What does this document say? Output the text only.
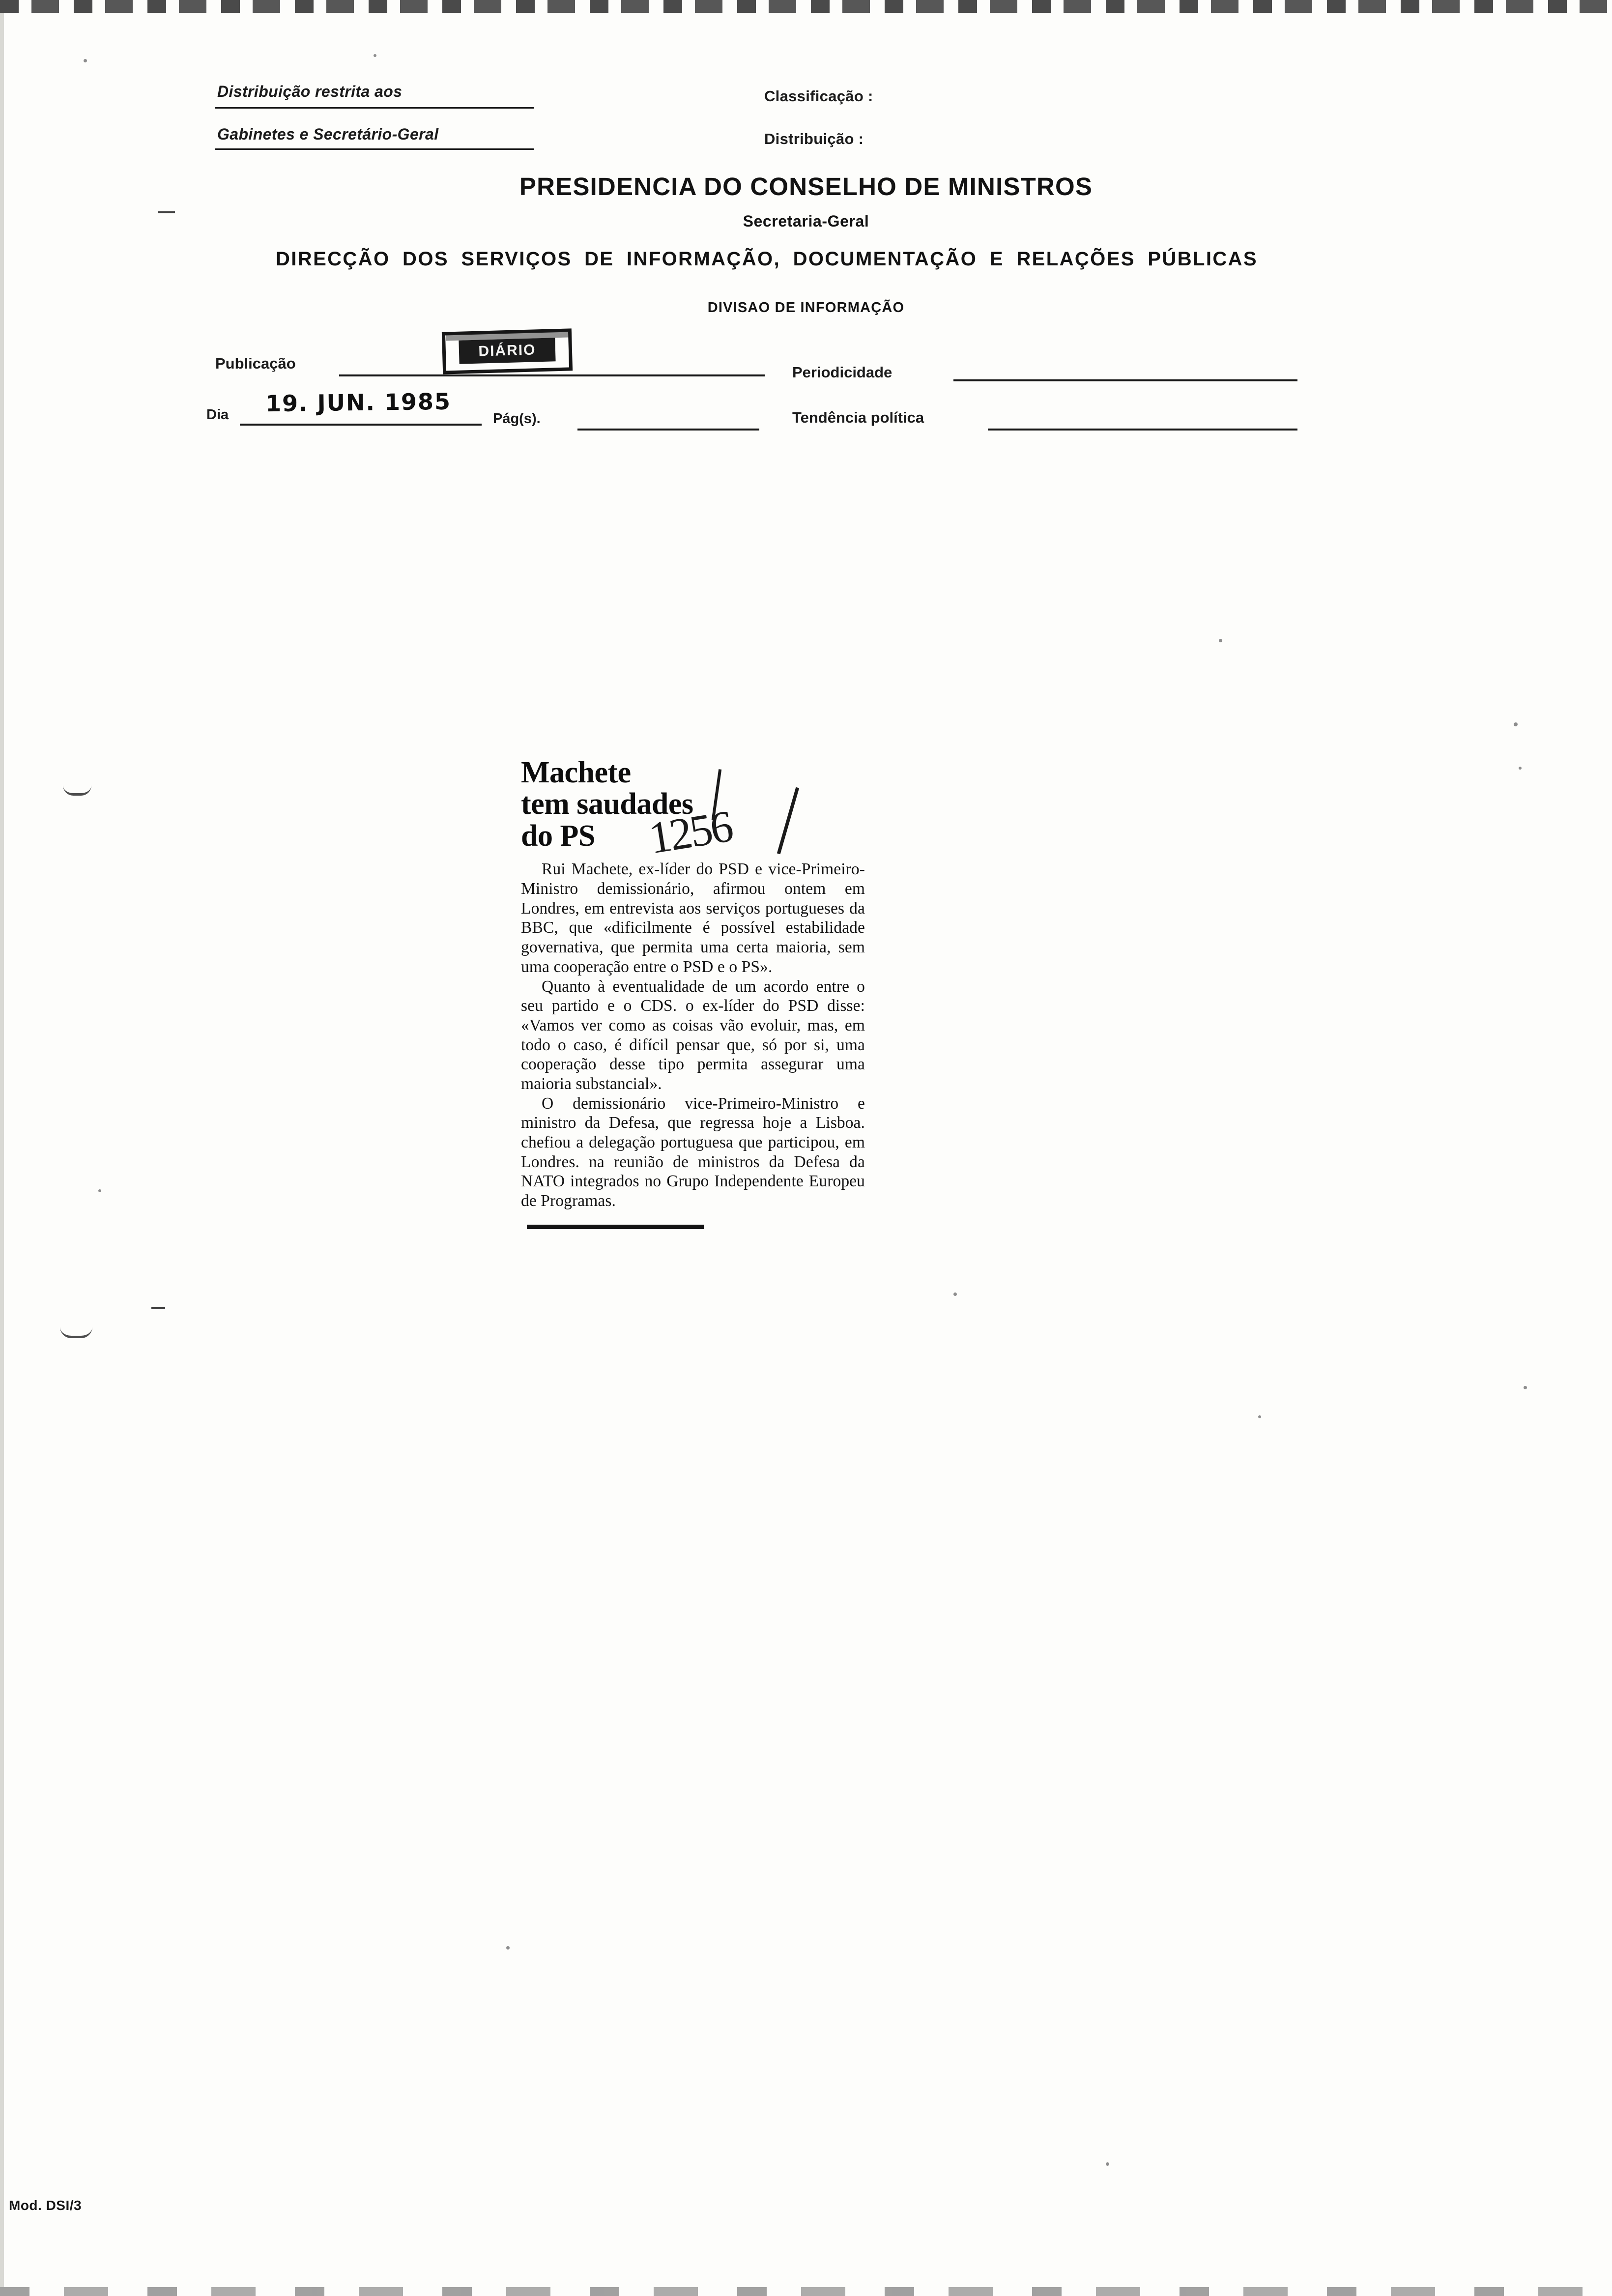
Distribuição restrita aos
Gabinetes e Secretário-Geral
Classificação :
Distribuição :
PRESIDENCIA DO CONSELHO DE MINISTROS
Secretaria-Geral
DIRECÇÃO DOS SERVIÇOS DE INFORMAÇÃO, DOCUMENTAÇÃO E RELAÇÕES PÚBLICAS
DIVISAO DE INFORMAÇÃO
DIÁRIO
Publicação
Periodicidade
Dia 19. JUN. 1985
Pág(s).	Tendência política
Machete
tem saudades
do PS

Rui Machete, ex-líder do PSD e vice-Primeiro-Ministro demissionário, afirmou ontem em Londres, em entrevista aos serviços portugueses da BBC, que «dificilmente é possível estabilidade governativa, que permita uma certa maioria, sem uma cooperação entre o PSD e o PS».

Quanto à eventualidade de um acordo entre o seu partido e o CDS. o ex-líder do PSD disse: «Vamos ver como as coisas vão evoluir, mas, em todo o caso, é difícil pensar que, só por si, uma cooperação desse tipo permita assegurar uma maioria substancial».

O demissionário vice-Primeiro-Ministro e ministro da Defesa, que regressa hoje a Lisboa. chefiou a delegação portuguesa que participou, em Londres. na reunião de ministros da Defesa da NATO integrados no Grupo Independente Europeu de Programas.

1256
Mod. DSI/3
